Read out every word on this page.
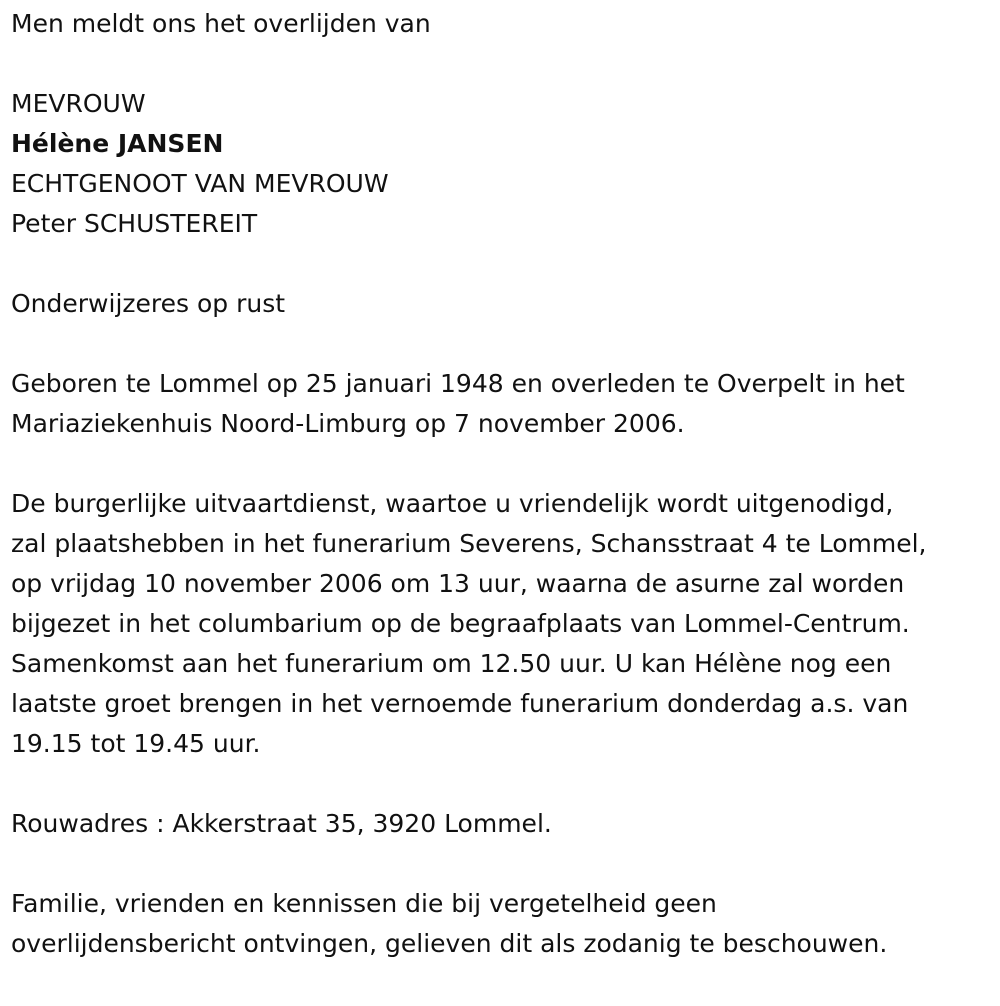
Men meldt ons het overlijden van

MEVROUW

Hélène JANSEN

ECHTGENOOT VAN MEVROUW

Peter SCHUSTEREIT

Onderwijzeres op rust

Geboren te Lommel op 25 januari 1948 en overleden te Overpelt in het

Mariaziekenhuis Noord-Limburg op 7 november 2006.

De burgerlijke uitvaartdienst, waartoe u vriendelijk wordt uitgenodigd,

zal plaatshebben in het funerarium Severens, Schansstraat 4 te Lommel,

op vrijdag 10 november 2006 om 13 uur, waarna de asurne zal worden

bijgezet in het columbarium op de begraafplaats van Lommel-Centrum.

Samenkomst aan het funerarium om 12.50 uur. U kan Hélène nog een

laatste groet brengen in het vernoemde funerarium donderdag a.s. van

19.15 tot 19.45 uur.

Rouwadres : Akkerstraat 35, 3920 Lommel.

Familie, vrienden en kennissen die bij vergetelheid geen

overlijdensbericht ontvingen, gelieven dit als zodanig te beschouwen.
